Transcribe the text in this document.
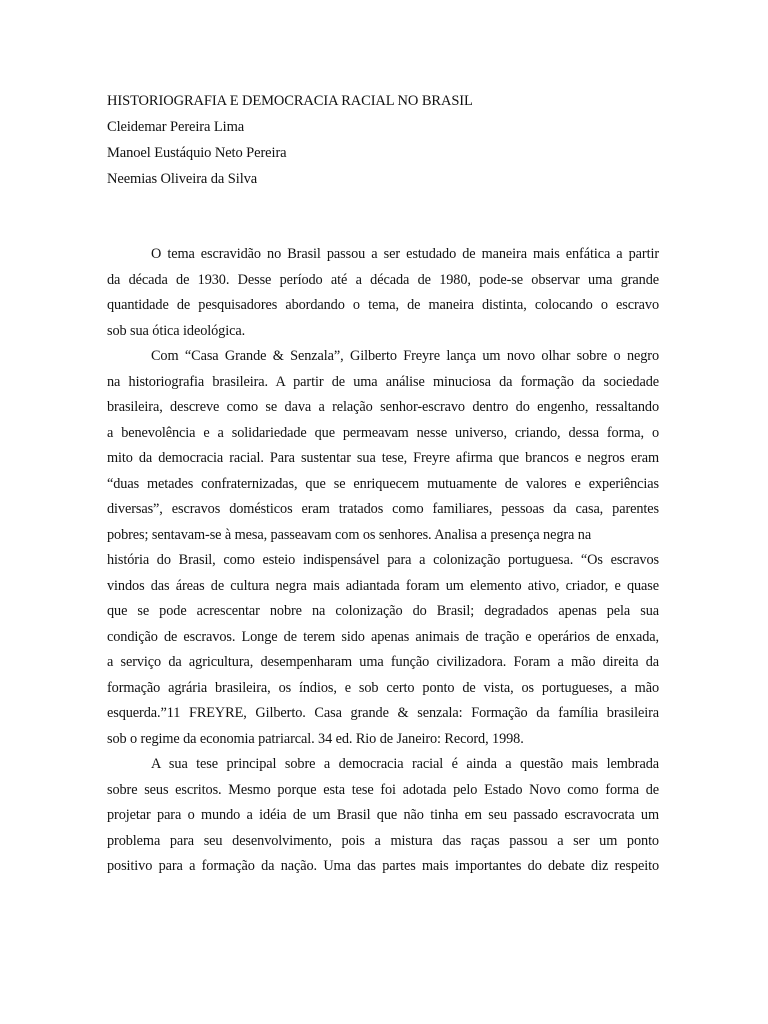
HISTORIOGRAFIA E DEMOCRACIA RACIAL NO BRASIL
Cleidemar Pereira Lima
Manoel Eustáquio Neto Pereira
Neemias Oliveira da Silva
O tema escravidão no Brasil passou a ser estudado de maneira mais enfática a partir
da década de 1930. Desse período até a década de 1980, pode-se observar uma grande
quantidade de pesquisadores abordando o tema, de maneira distinta, colocando o escravo
sob sua ótica ideológica.
Com “Casa Grande & Senzala”, Gilberto Freyre lança um novo olhar sobre o negro
na historiografia brasileira. A partir de uma análise minuciosa da formação da sociedade
brasileira, descreve como se dava a relação senhor-escravo dentro do engenho, ressaltando
a benevolência e a solidariedade que permeavam nesse universo, criando, dessa forma, o
mito da democracia racial. Para sustentar sua tese, Freyre afirma que brancos e negros eram
“duas metades confraternizadas, que se enriquecem mutuamente de valores e experiências
diversas”, escravos domésticos eram tratados como familiares, pessoas da casa, parentes
pobres; sentavam-se à mesa, passeavam com os senhores. Analisa a presença negra na
história do Brasil, como esteio indispensável para a colonização portuguesa. “Os escravos
vindos das áreas de cultura negra mais adiantada foram um elemento ativo, criador, e quase
que se pode acrescentar nobre na colonização do Brasil; degradados apenas pela sua
condição de escravos. Longe de terem sido apenas animais de tração e operários de enxada,
a serviço da agricultura, desempenharam uma função civilizadora. Foram a mão direita da
formação agrária brasileira, os índios, e sob certo ponto de vista, os portugueses, a mão
esquerda.”11 FREYRE, Gilberto. Casa grande & senzala: Formação da família brasileira
sob o regime da economia patriarcal. 34 ed. Rio de Janeiro: Record, 1998.
A sua tese principal sobre a democracia racial é ainda a questão mais lembrada
sobre seus escritos. Mesmo porque esta tese foi adotada pelo Estado Novo como forma de
projetar para o mundo a idéia de um Brasil que não tinha em seu passado escravocrata um
problema para seu desenvolvimento, pois a mistura das raças passou a ser um ponto
positivo para a formação da nação. Uma das partes mais importantes do debate diz respeito
